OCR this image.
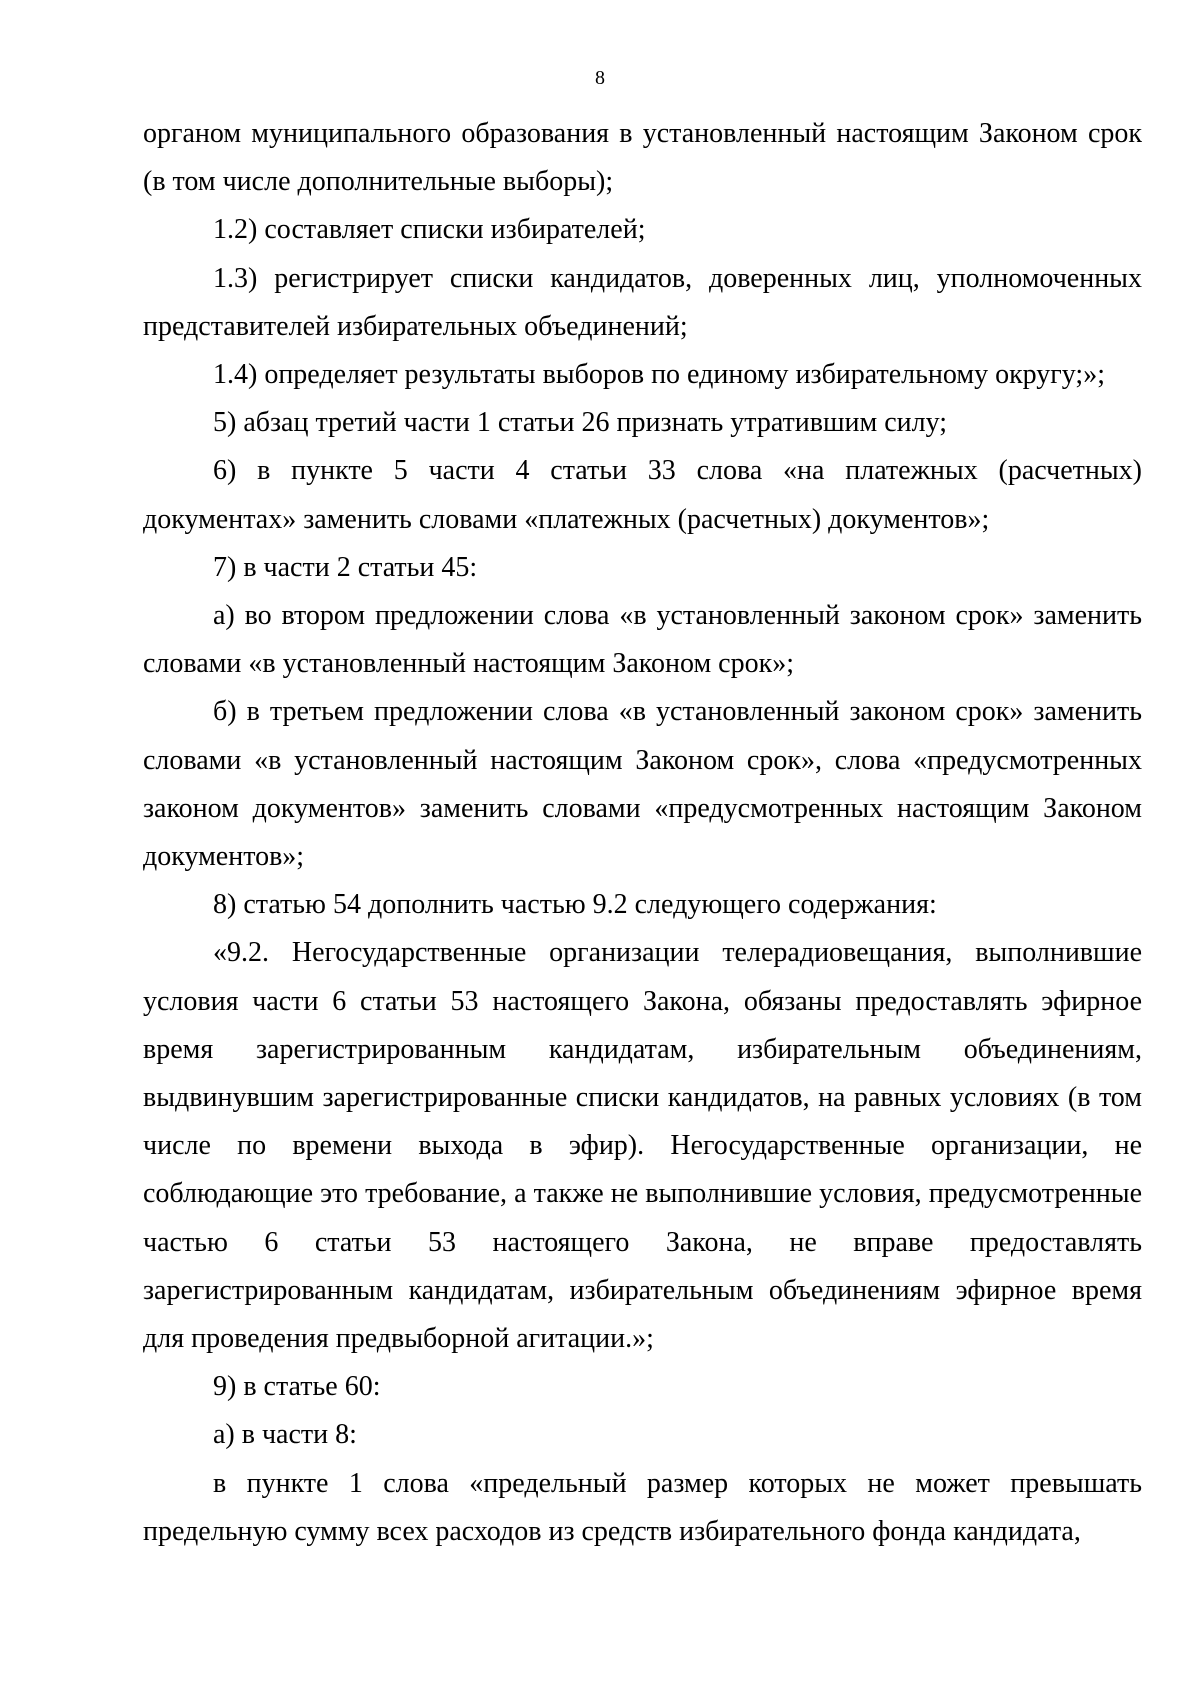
8

органом муниципального образования в установленный настоящим Законом срок (в том числе дополнительные выборы);

1.2) составляет списки избирателей;

1.3) регистрирует списки кандидатов, доверенных лиц, уполномоченных представителей избирательных объединений;

1.4) определяет результаты выборов по единому избирательному округу;»;

5) абзац третий части 1 статьи 26 признать утратившим силу;

6) в пункте 5 части 4 статьи 33 слова «на платежных (расчетных) документах» заменить словами «платежных (расчетных) документов»;

7) в части 2 статьи 45:

а) во втором предложении слова «в установленный законом срок» заменить словами «в установленный настоящим Законом срок»;

б) в третьем предложении слова «в установленный законом срок» заменить словами «в установленный настоящим Законом срок», слова «предусмотренных законом документов» заменить словами «предусмотренных настоящим Законом документов»;

8) статью 54 дополнить частью 9.2 следующего содержания:

«9.2. Негосударственные организации телерадиовещания, выполнившие условия части 6 статьи 53 настоящего Закона, обязаны предоставлять эфирное время зарегистрированным кандидатам, избирательным объединениям, выдвинувшим зарегистрированные списки кандидатов, на равных условиях (в том числе по времени выхода в эфир). Негосударственные организации, не соблюдающие это требование, а также не выполнившие условия, предусмотренные частью 6 статьи 53 настоящего Закона, не вправе предоставлять зарегистрированным кандидатам, избирательным объединениям эфирное время для проведения предвыборной агитации.»;

9) в статье 60:

а) в части 8:

в пункте 1 слова «предельный размер которых не может превышать предельную сумму всех расходов из средств избирательного фонда кандидата,
